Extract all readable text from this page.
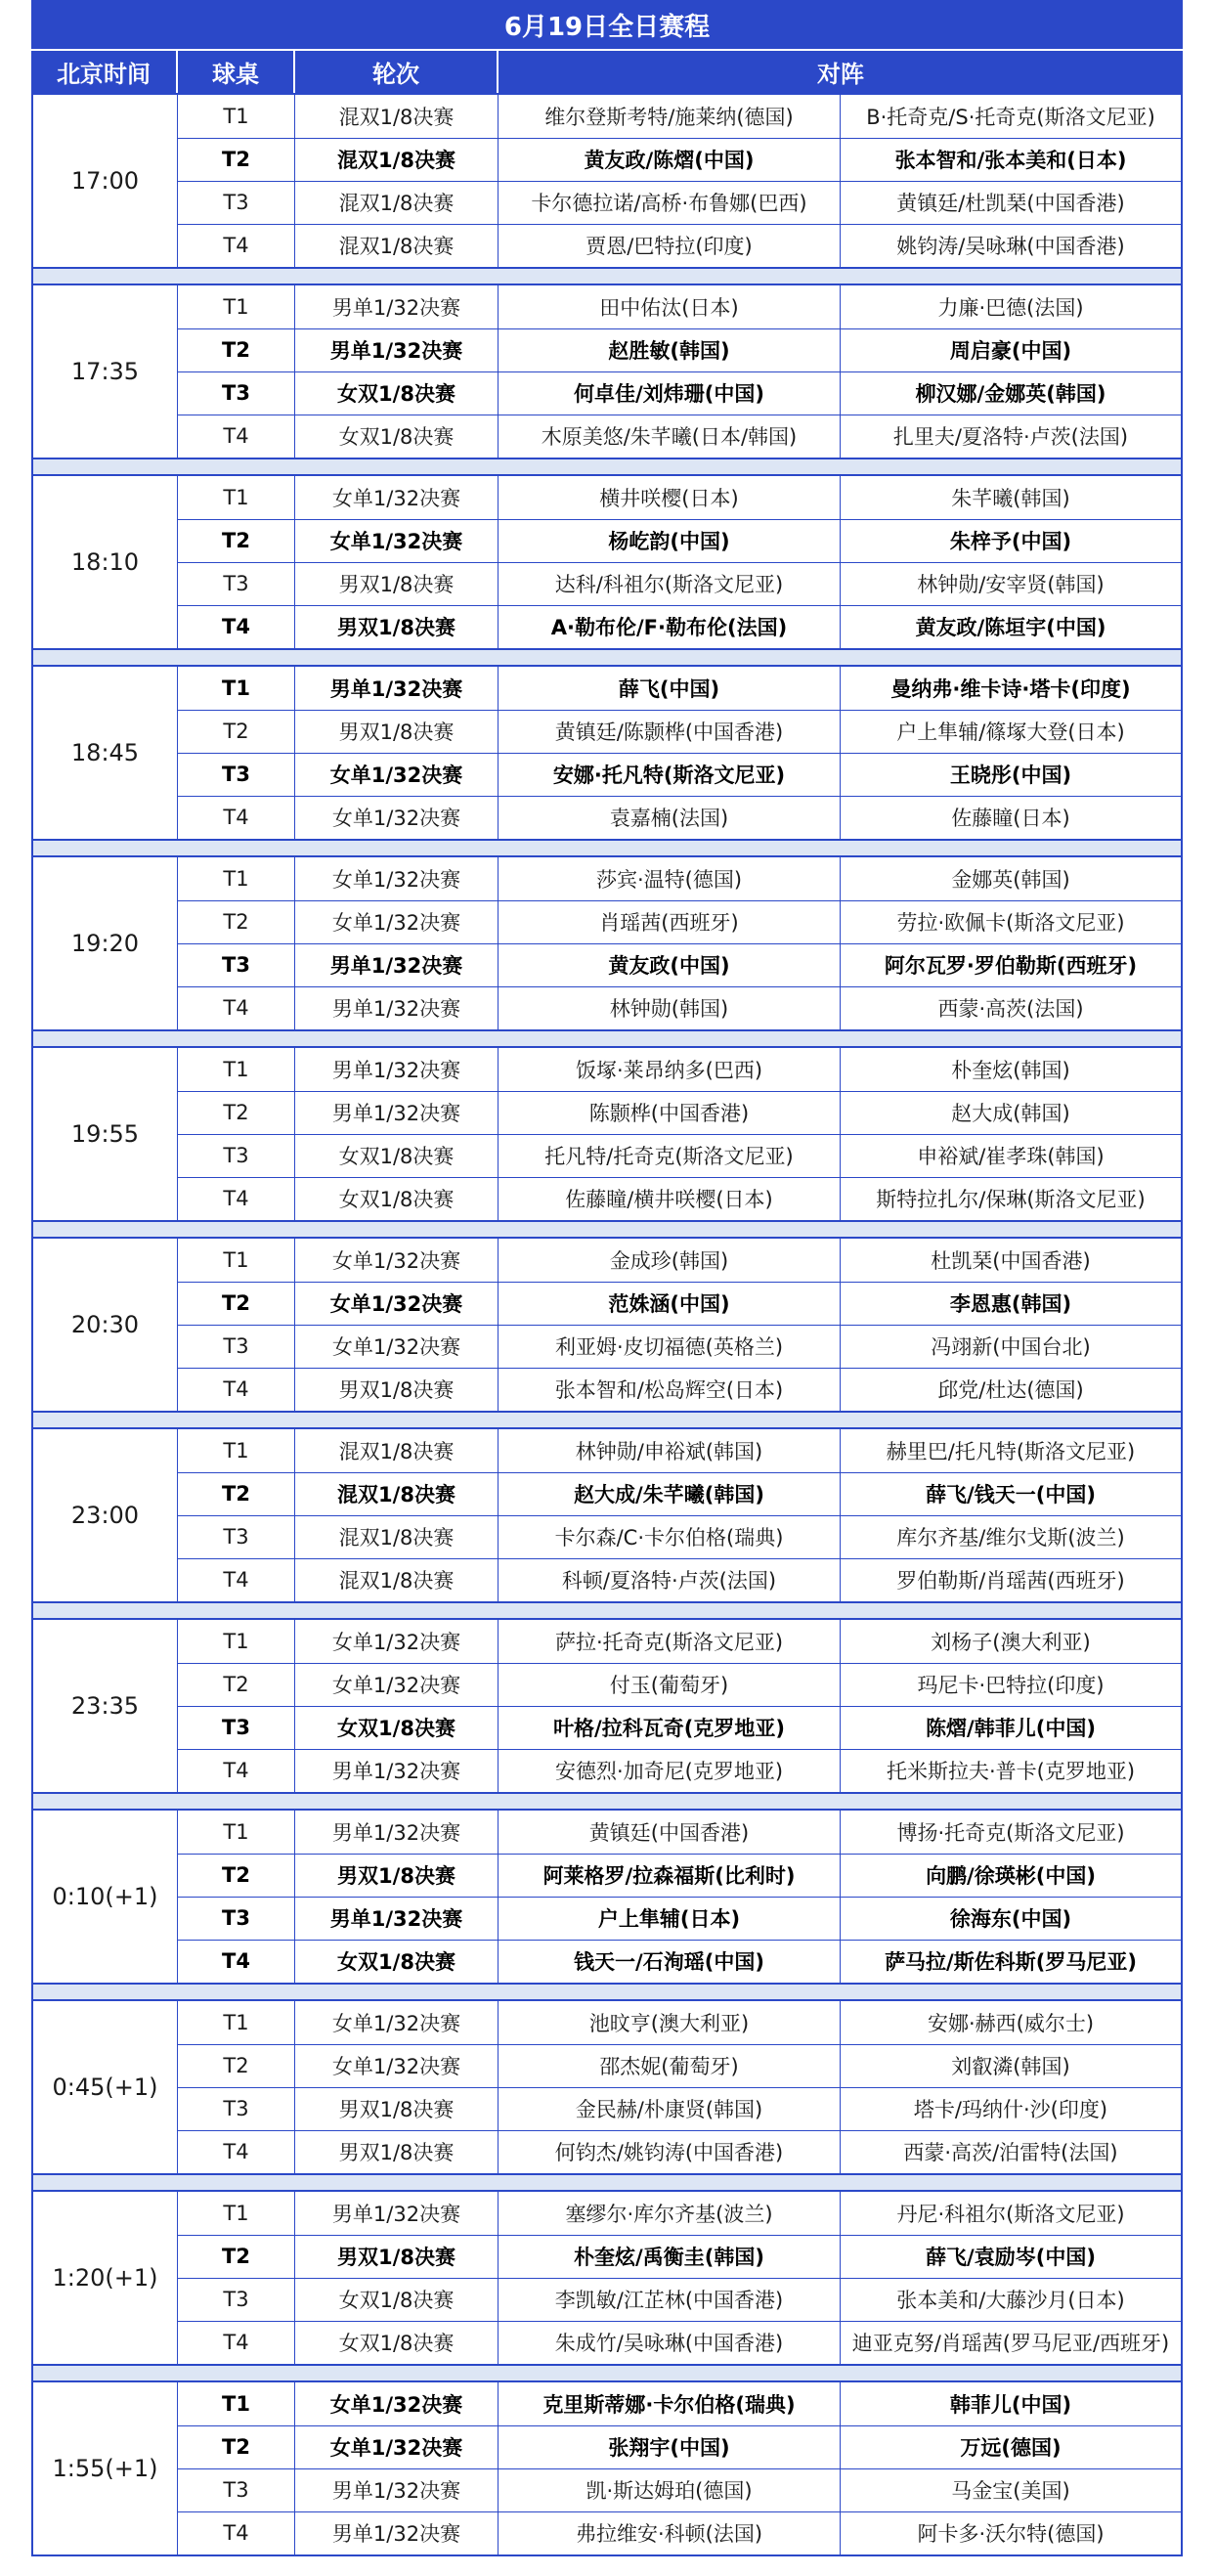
6月19日全日赛程
北京时间	球桌	轮次	对阵
17:00
T1	混双1/8决赛	维尔登斯考特/施莱纳(德国)	B·托奇克/S·托奇克(斯洛文尼亚)
T2	混双1/8决赛	黄友政/陈熠(中国)	张本智和/张本美和(日本)
T3	混双1/8决赛	卡尔德拉诺/高桥·布鲁娜(巴西)	黄镇廷/杜凯琹(中国香港)
T4	混双1/8决赛	贾恩/巴特拉(印度)	姚钧涛/吴咏琳(中国香港)
17:35
T1	男单1/32决赛	田中佑汰(日本)	力廉·巴德(法国)
T2	男单1/32决赛	赵胜敏(韩国)	周启豪(中国)
T3	女双1/8决赛	何卓佳/刘炜珊(中国)	柳汉娜/金娜英(韩国)
T4	女双1/8决赛	木原美悠/朱芊曦(日本/韩国)	扎里夫/夏洛特·卢茨(法国)
18:10
T1	女单1/32决赛	横井咲樱(日本)	朱芊曦(韩国)
T2	女单1/32决赛	杨屹韵(中国)	朱梓予(中国)
T3	男双1/8决赛	达科/科祖尔(斯洛文尼亚)	林钟勋/安宰贤(韩国)
T4	男双1/8决赛	A·勒布伦/F·勒布伦(法国)	黄友政/陈垣宇(中国)
18:45
T1	男单1/32决赛	薛飞(中国)	曼纳弗·维卡诗·塔卡(印度)
T2	男双1/8决赛	黄镇廷/陈颢桦(中国香港)	户上隼辅/篠塚大登(日本)
T3	女单1/32决赛	安娜·托凡特(斯洛文尼亚)	王晓彤(中国)
T4	女单1/32决赛	袁嘉楠(法国)	佐藤瞳(日本)
19:20
T1	女单1/32决赛	莎宾·温特(德国)	金娜英(韩国)
T2	女单1/32决赛	肖瑶茜(西班牙)	劳拉·欧佩卡(斯洛文尼亚)
T3	男单1/32决赛	黄友政(中国)	阿尔瓦罗·罗伯勒斯(西班牙)
T4	男单1/32决赛	林钟勋(韩国)	西蒙·高茨(法国)
19:55
T1	男单1/32决赛	饭塚·莱昂纳多(巴西)	朴奎炫(韩国)
T2	男单1/32决赛	陈颢桦(中国香港)	赵大成(韩国)
T3	女双1/8决赛	托凡特/托奇克(斯洛文尼亚)	申裕斌/崔孝珠(韩国)
T4	女双1/8决赛	佐藤瞳/横井咲樱(日本)	斯特拉扎尔/保琳(斯洛文尼亚)
20:30
T1	女单1/32决赛	金成珍(韩国)	杜凯琹(中国香港)
T2	女单1/32决赛	范姝涵(中国)	李恩惠(韩国)
T3	女单1/32决赛	利亚姆·皮切福德(英格兰)	冯翊新(中国台北)
T4	男双1/8决赛	张本智和/松岛辉空(日本)	邱党/杜达(德国)
23:00
T1	混双1/8决赛	林钟勋/申裕斌(韩国)	赫里巴/托凡特(斯洛文尼亚)
T2	混双1/8决赛	赵大成/朱芊曦(韩国)	薛飞/钱天一(中国)
T3	混双1/8决赛	卡尔森/C·卡尔伯格(瑞典)	库尔齐基/维尔戈斯(波兰)
T4	混双1/8决赛	科顿/夏洛特·卢茨(法国)	罗伯勒斯/肖瑶茜(西班牙)
23:35
T1	女单1/32决赛	萨拉·托奇克(斯洛文尼亚)	刘杨子(澳大利亚)
T2	女单1/32决赛	付玉(葡萄牙)	玛尼卡·巴特拉(印度)
T3	女双1/8决赛	叶格/拉科瓦奇(克罗地亚)	陈熠/韩菲儿(中国)
T4	男单1/32决赛	安德烈·加奇尼(克罗地亚)	托米斯拉夫·普卡(克罗地亚)
0:10(+1)
T1	男单1/32决赛	黄镇廷(中国香港)	博扬·托奇克(斯洛文尼亚)
T2	男双1/8决赛	阿莱格罗/拉森福斯(比利时)	向鹏/徐瑛彬(中国)
T3	男单1/32决赛	户上隼辅(日本)	徐海东(中国)
T4	女双1/8决赛	钱天一/石洵瑶(中国)	萨马拉/斯佐科斯(罗马尼亚)
0:45(+1)
T1	女单1/32决赛	池旼亨(澳大利亚)	安娜·赫西(威尔士)
T2	女单1/32决赛	邵杰妮(葡萄牙)	刘叡潾(韩国)
T3	男双1/8决赛	金民赫/朴康贤(韩国)	塔卡/玛纳什·沙(印度)
T4	男双1/8决赛	何钧杰/姚钧涛(中国香港)	西蒙·高茨/泊雷特(法国)
1:20(+1)
T1	男单1/32决赛	塞缪尔·库尔齐基(波兰)	丹尼·科祖尔(斯洛文尼亚)
T2	男双1/8决赛	朴奎炫/禹衡圭(韩国)	薛飞/袁励岑(中国)
T3	女双1/8决赛	李凯敏/江芷林(中国香港)	张本美和/大藤沙月(日本)
T4	女双1/8决赛	朱成竹/吴咏琳(中国香港)	迪亚克努/肖瑶茜(罗马尼亚/西班牙)
1:55(+1)
T1	女单1/32决赛	克里斯蒂娜·卡尔伯格(瑞典)	韩菲儿(中国)
T2	女单1/32决赛	张翔宇(中国)	万远(德国)
T3	男单1/32决赛	凯·斯达姆珀(德国)	马金宝(美国)
T4	男单1/32决赛	弗拉维安·科顿(法国)	阿卡多·沃尔特(德国)
